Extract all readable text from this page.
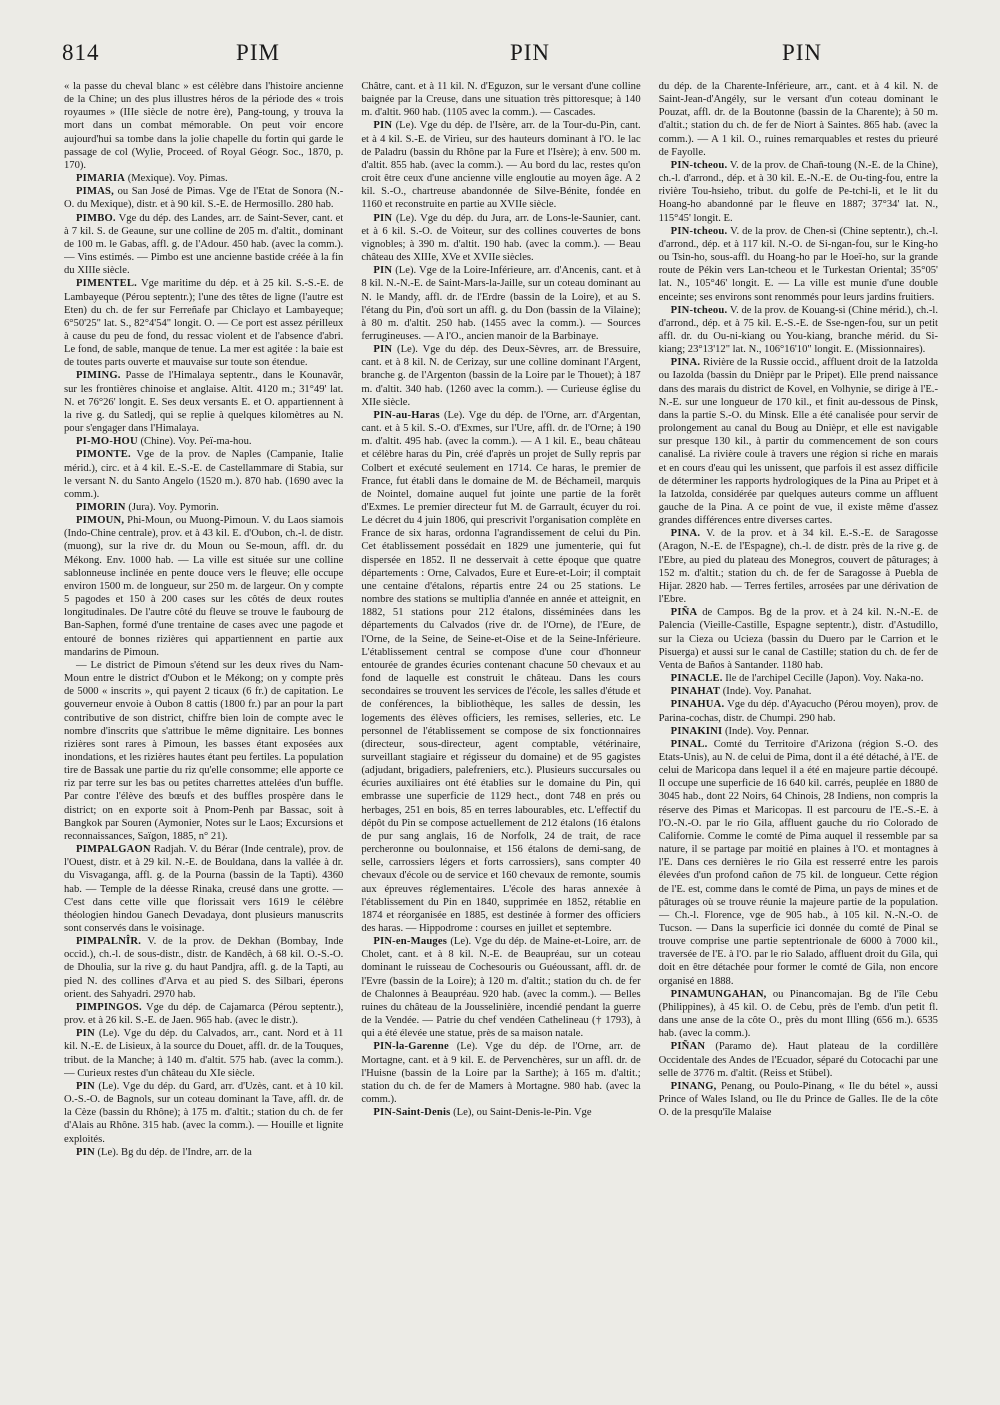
814	PIM	PIN	PIN

« la passe du cheval blanc » est célèbre dans l'histoire ancienne de la Chine; un des plus illustres héros de la période des « trois royaumes » (IIIe siècle de notre ère), Pang-toung, y trouva la mort dans un combat mémorable. On peut voir encore aujourd'hui sa tombe dans la jolie chapelle du fortin qui garde le passage de col (Wylie, Proceed. of Royal Géogr. Soc., 1870, p. 170).

PIMARIA (Mexique). Voy. Pimas.

PIMAS, ou San José de Pimas. Vge de l'Etat de Sonora (N.-O. du Mexique), distr. et à 90 kil. S.-E. de Hermosillo. 280 hab.

PIMBO. Vge du dép. des Landes, arr. de Saint-Sever, cant. et à 7 kil. S. de Geaune, sur une colline de 205 m. d'altit., dominant de 100 m. le Gabas, affl. g. de l'Adour. 450 hab. (avec la comm.). — Vins estimés. — Pimbo est une ancienne bastide créée à la fin du XIIIe siècle.

PIMENTEL. Vge maritime du dép. et à 25 kil. S.-S.-E. de Lambayeque (Pérou septentr.); l'une des têtes de ligne (l'autre est Eten) du ch. de fer sur Ferreñafe par Chiclayo et Lambayeque; 6°50'25" lat. S., 82°4'54" longit. O. — Ce port est assez périlleux à cause du peu de fond, du ressac violent et de l'absence d'abri. Le fond, de sable, manque de tenue. La mer est agitée : la baie est de toutes parts ouverte et mauvaise sur toute son étendue.

PIMING. Passe de l'Himalaya septentr., dans le Kounavâr, sur les frontières chinoise et anglaise. Altit. 4120 m.; 31°49' lat. N. et 76°26' longit. E. Ses deux versants E. et O. appartiennent à la rive g. du Satledj, qui se replie à quelques kilomètres au N. pour s'engager dans l'Himalaya.

PI-MO-HOU (Chine). Voy. Peï-ma-hou.

PIMONTE. Vge de la prov. de Naples (Campanie, Italie mérid.), circ. et à 4 kil. E.-S.-E. de Castellammare di Stabia, sur le versant N. du Santo Angelo (1520 m.). 870 hab. (1690 avec la comm.).

PIMORIN (Jura). Voy. Pymorin.

PIMOUN, Phi-Moun, ou Muong-Pimoun. V. du Laos siamois (Indo-Chine centrale), prov. et à 43 kil. E. d'Oubon, ch.-l. de distr. (muong), sur la rive dr. du Moun ou Se-moun, affl. dr. du Mékong. Env. 1000 hab. — La ville est située sur une colline sablonneuse inclinée en pente douce vers le fleuve; elle occupe environ 1500 m. de longueur, sur 250 m. de largeur. On y compte 5 pagodes et 150 à 200 cases sur les côtés de deux routes longitudinales. De l'autre côté du fleuve se trouve le faubourg de Ban-Saphen, formé d'une trentaine de cases avec une pagode et entouré de bonnes rizières qui appartiennent en partie aux mandarins de Pimoun.

— Le district de Pimoun s'étend sur les deux rives du Nam-Moun entre le district d'Oubon et le Mékong; on y compte près de 5000 « inscrits », qui payent 2 ticaux (6 fr.) de capitation. Le gouverneur envoie à Oubon 8 cattis (1800 fr.) par an pour la part contributive de son district, chiffre bien loin de compte avec le nombre d'inscrits que s'attribue le même dignitaire. Les bonnes rizières sont rares à Pimoun, les basses étant exposées aux inondations, et les rizières hautes étant peu fertiles. La population tire de Bassak une partie du riz qu'elle consomme; elle apporte ce riz par terre sur les bas ou petites charrettes attelées d'un buffle. Par contre l'élève des bœufs et des buffles prospère dans le district; on en exporte soit à Pnom-Penh par Bassac, soit à Bangkok par Souren (Aymonier, Notes sur le Laos; Excursions et reconnaissances, Saïgon, 1885, n° 21).

PIMPALGAON Radjah. V. du Bérar (Inde centrale), prov. de l'Ouest, distr. et à 29 kil. N.-E. de Bouldana, dans la vallée à dr. du Visvaganga, affl. g. de la Pourna (bassin de la Tapti). 4360 hab. — Temple de la déesse Rinaka, creusé dans une grotte. — C'est dans cette ville que florissait vers 1619 le célèbre théologien hindou Ganech Devadaya, dont plusieurs manuscrits sont conservés dans le voisinage.

PIMPALNÎR. V. de la prov. de Dekhan (Bombay, Inde occid.), ch.-l. de sous-distr., distr. de Kandêch, à 68 kil. O.-S.-O. de Dhoulia, sur la rive g. du haut Pandjra, affl. g. de la Tapti, au pied N. des collines d'Arva et au pied S. des Silbari, éperons orient. des Sahyadri. 2970 hab.

PIMPINGOS. Vge du dép. de Cajamarca (Pérou septentr.), prov. et à 26 kil. S.-E. de Jaen. 965 hab. (avec le distr.).

PIN (Le). Vge du dép. du Calvados, arr., cant. Nord et à 11 kil. N.-E. de Lisieux, à la source du Douet, affl. dr. de la Touques, tribut. de la Manche; à 140 m. d'altit. 575 hab. (avec la comm.). — Curieux restes d'un château du XIe siècle.

PIN (Le). Vge du dép. du Gard, arr. d'Uzès, cant. et à 10 kil. O.-S.-O. de Bagnols, sur un coteau dominant la Tave, affl. dr. de la Cèze (bassin du Rhône); à 175 m. d'altit.; station du ch. de fer d'Alais au Rhône. 315 hab. (avec la comm.). — Houille et lignite exploités.

PIN (Le). Bg du dép. de l'Indre, arr. de la

Châtre, cant. et à 11 kil. N. d'Eguzon, sur le versant d'une colline baignée par la Creuse, dans une situation très pittoresque; à 140 m. d'altit. 960 hab. (1105 avec la comm.). — Cascades.

PIN (Le). Vge du dép. de l'Isère, arr. de la Tour-du-Pin, cant. et à 4 kil. S.-E. de Virieu, sur des hauteurs dominant à l'O. le lac de Paladru (bassin du Rhône par la Fure et l'Isère); à env. 500 m. d'altit. 855 hab. (avec la comm.). — Au bord du lac, restes qu'on croit être ceux d'une ancienne ville engloutie au moyen âge. A 2 kil. S.-O., chartreuse abandonnée de Silve-Bénite, fondée en 1160 et reconstruite en partie au XVIIe siècle.

PIN (Le). Vge du dép. du Jura, arr. de Lons-le-Saunier, cant. et à 6 kil. S.-O. de Voiteur, sur des collines couvertes de bons vignobles; à 390 m. d'altit. 190 hab. (avec la comm.). — Beau château des XIIIe, XVe et XVIIe siècles.

PIN (Le). Vge de la Loire-Inférieure, arr. d'Ancenis, cant. et à 8 kil. N.-N.-E. de Saint-Mars-la-Jaille, sur un coteau dominant au N. le Mandy, affl. dr. de l'Erdre (bassin de la Loire), et au S. l'étang du Pin, d'où sort un affl. g. du Don (bassin de la Vilaine); à 80 m. d'altit. 250 hab. (1455 avec la comm.). — Sources ferrugineuses. — A l'O., ancien manoir de la Barbinaye.

PIN (Le). Vge du dép. des Deux-Sèvres, arr. de Bressuire, cant. et à 8 kil. N. de Cerizay, sur une colline dominant l'Argent, branche g. de l'Argenton (bassin de la Loire par le Thouet); à 187 m. d'altit. 340 hab. (1260 avec la comm.). — Curieuse église du XIIe siècle.

PIN-au-Haras (Le). Vge du dép. de l'Orne, arr. d'Argentan, cant. et à 5 kil. S.-O. d'Exmes, sur l'Ure, affl. dr. de l'Orne; à 190 m. d'altit. 495 hab. (avec la comm.). — A 1 kil. E., beau château et célèbre haras du Pin, créé d'après un projet de Sully repris par Colbert et exécuté seulement en 1714. Ce haras, le premier de France, fut établi dans le domaine de M. de Béchameil, marquis de Nointel, domaine auquel fut jointe une partie de la forêt d'Exmes. Le premier directeur fut M. de Garrault, écuyer du roi. Le décret du 4 juin 1806, qui prescrivit l'organisation complète en France de six haras, ordonna l'agrandissement de celui du Pin. Cet établissement possédait en 1829 une jumenterie, qui fut dispersée en 1852. Il ne desservait à cette époque que quatre départements : Orne, Calvados, Eure et Eure-et-Loir; il comptait une centaine d'étalons, répartis entre 24 ou 25 stations. Le nombre des stations se multiplia d'année en année et atteignit, en 1882, 51 stations pour 212 étalons, disséminées dans les départements du Calvados (rive dr. de l'Orne), de l'Eure, de l'Orne, de la Seine, de Seine-et-Oise et de la Seine-Inférieure. L'établissement central se compose d'une cour d'honneur entourée de grandes écuries contenant chacune 50 chevaux et au fond de laquelle est construit le château. Dans les cours secondaires se trouvent les services de l'école, les salles d'étude et de conférences, la bibliothèque, les salles de dessin, les logements des élèves officiers, les remises, selleries, etc. Le personnel de l'établissement se compose de six fonctionnaires (directeur, sous-directeur, agent comptable, vétérinaire, surveillant stagiaire et régisseur du domaine) et de 95 gagistes (adjudant, brigadiers, palefreniers, etc.). Plusieurs succursales ou écuries auxiliaires ont été établies sur le domaine du Pin, qui embrasse une superficie de 1129 hect., dont 748 en prés ou herbages, 251 en bois, 85 en terres labourables, etc. L'effectif du dépôt du Pin se compose actuellement de 212 étalons (16 étalons de pur sang anglais, 16 de Norfolk, 24 de trait, de race percheronne ou boulonnaise, et 156 étalons de demi-sang, de selle, carrossiers légers et forts carrossiers), sans compter 40 chevaux d'école ou de service et 160 chevaux de remonte, soumis aux épreuves réglementaires. L'école des haras annexée à l'établissement du Pin en 1840, supprimée en 1852, rétablie en 1874 et réorganisée en 1885, est destinée à former des officiers des haras. — Hippodrome : courses en juillet et septembre.

PIN-en-Mauges (Le). Vge du dép. de Maine-et-Loire, arr. de Cholet, cant. et à 8 kil. N.-E. de Beaupréau, sur un coteau dominant le ruisseau de Cochesouris ou Guéoussant, affl. dr. de l'Evre (bassin de la Loire); à 120 m. d'altit.; station du ch. de fer de Chalonnes à Beaupréau. 920 hab. (avec la comm.). — Belles ruines du château de la Jousselinière, incendié pendant la guerre de la Vendée. — Patrie du chef vendéen Cathelineau († 1793), à qui a été élevée une statue, près de sa maison natale.

PIN-la-Garenne (Le). Vge du dép. de l'Orne, arr. de Mortagne, cant. et à 9 kil. E. de Pervenchères, sur un affl. dr. de l'Huisne (bassin de la Loire par la Sarthe); à 165 m. d'altit.; station du ch. de fer de Mamers à Mortagne. 980 hab. (avec la comm.).

PIN-Saint-Denis (Le), ou Saint-Denis-le-Pin. Vge

du dép. de la Charente-Inférieure, arr., cant. et à 4 kil. N. de Saint-Jean-d'Angély, sur le versant d'un coteau dominant le Pouzat, affl. dr. de la Boutonne (bassin de la Charente); à 50 m. d'altit.; station du ch. de fer de Niort à Saintes. 865 hab. (avec la comm.). — A 1 kil. O., ruines remarquables et restes du prieuré de Fayolle.

PIN-tcheou. V. de la prov. de Chañ-toung (N.-E. de la Chine), ch.-l. d'arrond., dép. et à 30 kil. E.-N.-E. de Ou-ting-fou, entre la rivière Tou-hsieho, tribut. du golfe de Pe-tchi-li, et le lit du Hoang-ho abandonné par le fleuve en 1887; 37°34' lat. N., 115°45' longit. E.

PIN-tcheou. V. de la prov. de Chen-si (Chine septentr.), ch.-l. d'arrond., dép. et à 117 kil. N.-O. de Si-ngan-fou, sur le King-ho ou Tsin-ho, sous-affl. du Hoang-ho par le Hoeï-ho, sur la grande route de Pékin vers Lan-tcheou et le Turkestan Oriental; 35°05' lat. N., 105°46' longit. E. — La ville est munie d'une double enceinte; ses environs sont renommés pour leurs jardins fruitiers.

PIN-tcheou. V. de la prov. de Kouang-si (Chine mérid.), ch.-l. d'arrond., dép. et à 75 kil. E.-S.-E. de Sse-ngen-fou, sur un petit affl. dr. du Ou-ni-kiang ou You-kiang, branche mérid. du Si-kiang; 23°13'12" lat. N., 106°16'10" longit. E. (Missionnaires).

PINA. Rivière de la Russie occid., affluent droit de la Iatzolda ou Iazolda (bassin du Dnièpr par le Pripet). Elle prend naissance dans des marais du district de Kovel, en Volhynie, se dirige à l'E.-N.-E. sur une longueur de 170 kil., et finit au-dessous de Pinsk, dans la partie S.-O. du Minsk. Elle a été canalisée pour servir de prolongement au canal du Boug au Dnièpr, et elle est navigable sur presque 130 kil., à partir du commencement de son cours canalisé. La rivière coule à travers une région si riche en marais et en cours d'eau qui les unissent, que parfois il est assez difficile de déterminer les rapports hydrologiques de la Pina au Pripet et à la Iatzolda, considérée par quelques auteurs comme un affluent gauche de la Pina. A ce point de vue, il existe même d'assez grandes différences entre diverses cartes.

PINA. V. de la prov. et à 34 kil. E.-S.-E. de Saragosse (Aragon, N.-E. de l'Espagne), ch.-l. de distr. près de la rive g. de l'Ebre, au pied du plateau des Monegros, couvert de pâturages; à 152 m. d'altit.; station du ch. de fer de Saragosse à Puebla de Hijar. 2820 hab. — Terres fertiles, arrosées par une dérivation de l'Ebre.

PIÑA de Campos. Bg de la prov. et à 24 kil. N.-N.-E. de Palencia (Vieille-Castille, Espagne septentr.), distr. d'Astudillo, sur la Cieza ou Ucieza (bassin du Duero par le Carrion et le Pisuerga) et aussi sur le canal de Castille; station du ch. de fer de Venta de Baños à Santander. 1180 hab.

PINACLE. Ile de l'archipel Cecille (Japon). Voy. Naka-no.

PINAHAT (Inde). Voy. Panahat.

PINAHUA. Vge du dép. d'Ayacucho (Pérou moyen), prov. de Parina-cochas, distr. de Chumpi. 290 hab.

PINAKINI (Inde). Voy. Pennar.

PINAL. Comté du Territoire d'Arizona (région S.-O. des Etats-Unis), au N. de celui de Pima, dont il a été détaché, à l'E. de celui de Maricopa dans lequel il a été en majeure partie découpé. Il occupe une superficie de 16 640 kil. carrés, peuplée en 1880 de 3045 hab., dont 22 Noirs, 64 Chinois, 28 Indiens, non compris la réserve des Pimas et Maricopas. Il est parcouru de l'E.-S.-E. à l'O.-N.-O. par le rio Gila, affluent gauche du rio Colorado de Californie. Comme le comté de Pima auquel il ressemble par sa nature, il se partage par moitié en plaines à l'O. et montagnes à l'E. Dans ces dernières le rio Gila est resserré entre les parois élevées d'un profond cañon de 75 kil. de longueur. Cette région de l'E. est, comme dans le comté de Pima, un pays de mines et de pâturages où se trouve réunie la majeure partie de la population. — Ch.-l. Florence, vge de 905 hab., à 105 kil. N.-N.-O. de Tucson. — Dans la superficie ici donnée du comté de Pinal se trouve comprise une partie septentrionale de 6000 à 7000 kil., traversée de l'E. à l'O. par le rio Salado, affluent droit du Gila, qui doit en être détachée pour former le comté de Gila, non encore organisé en 1888.

PINAMUNGAHAN, ou Pinancomajan. Bg de l'île Cebu (Philippines), à 45 kil. O. de Cebu, près de l'emb. d'un petit fl. dans une anse de la côte O., près du mont Illing (656 m.). 6535 hab. (avec la comm.).

PIÑAN (Paramo de). Haut plateau de la cordillère Occidentale des Andes de l'Ecuador, séparé du Cotocachi par une selle de 3776 m. d'altit. (Reiss et Stübel).

PINANG, Penang, ou Poulo-Pinang, « Ile du bétel », aussi Prince of Wales Island, ou Ile du Prince de Galles. Ile de la côte O. de la presqu'île Malaise
